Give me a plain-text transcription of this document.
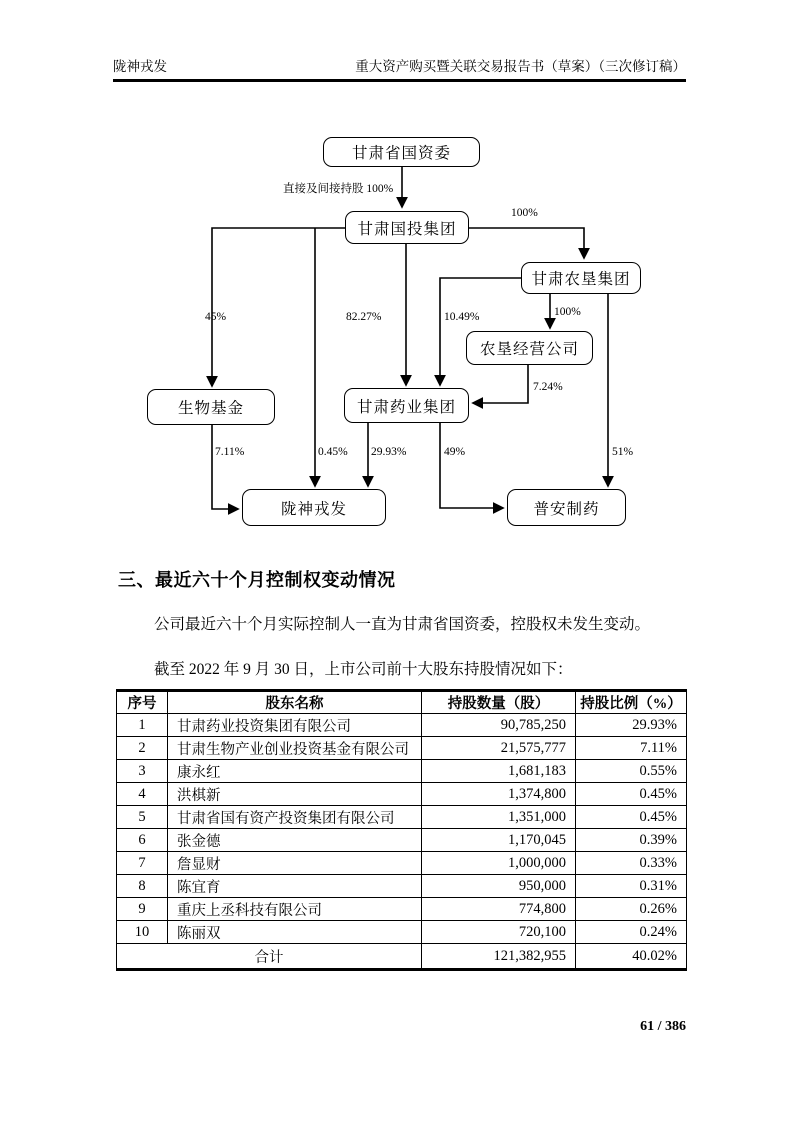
陇神戎发	重大资产购买暨关联交易报告书（草案）（三次修订稿）
甘肃省国资委
甘肃国投集团
甘肃农垦集团
农垦经营公司
生物基金	甘肃药业集团
陇神戎发	普安制药
直接及间接持股 100%
100%
45%	82.27%	10.49%	100%
7.24%
7.11%	0.45% 29.93%	49%	51%
三、最近六十个月控制权变动情况
公司最近六十个月实际控制人一直为甘肃省国资委，控股权未发生变动。
截至 2022 年 9 月 30 日，上市公司前十大股东持股情况如下：
序号	股东名称	持股数量（股）	持股比例（%）
1	甘肃药业投资集团有限公司	90,785,250	29.93%
2	甘肃生物产业创业投资基金有限公司	21,575,777	7.11%
3	康永红	1,681,183	0.55%
4	洪棋新	1,374,800	0.45%
5	甘肃省国有资产投资集团有限公司	1,351,000	0.45%
6	张金德	1,170,045	0.39%
7	詹显财	1,000,000	0.33%
8	陈宜育	950,000	0.31%
9	重庆上丞科技有限公司	774,800	0.26%
10	陈丽双	720,100	0.24%
合计		121,382,955	40.02%
61 / 386
